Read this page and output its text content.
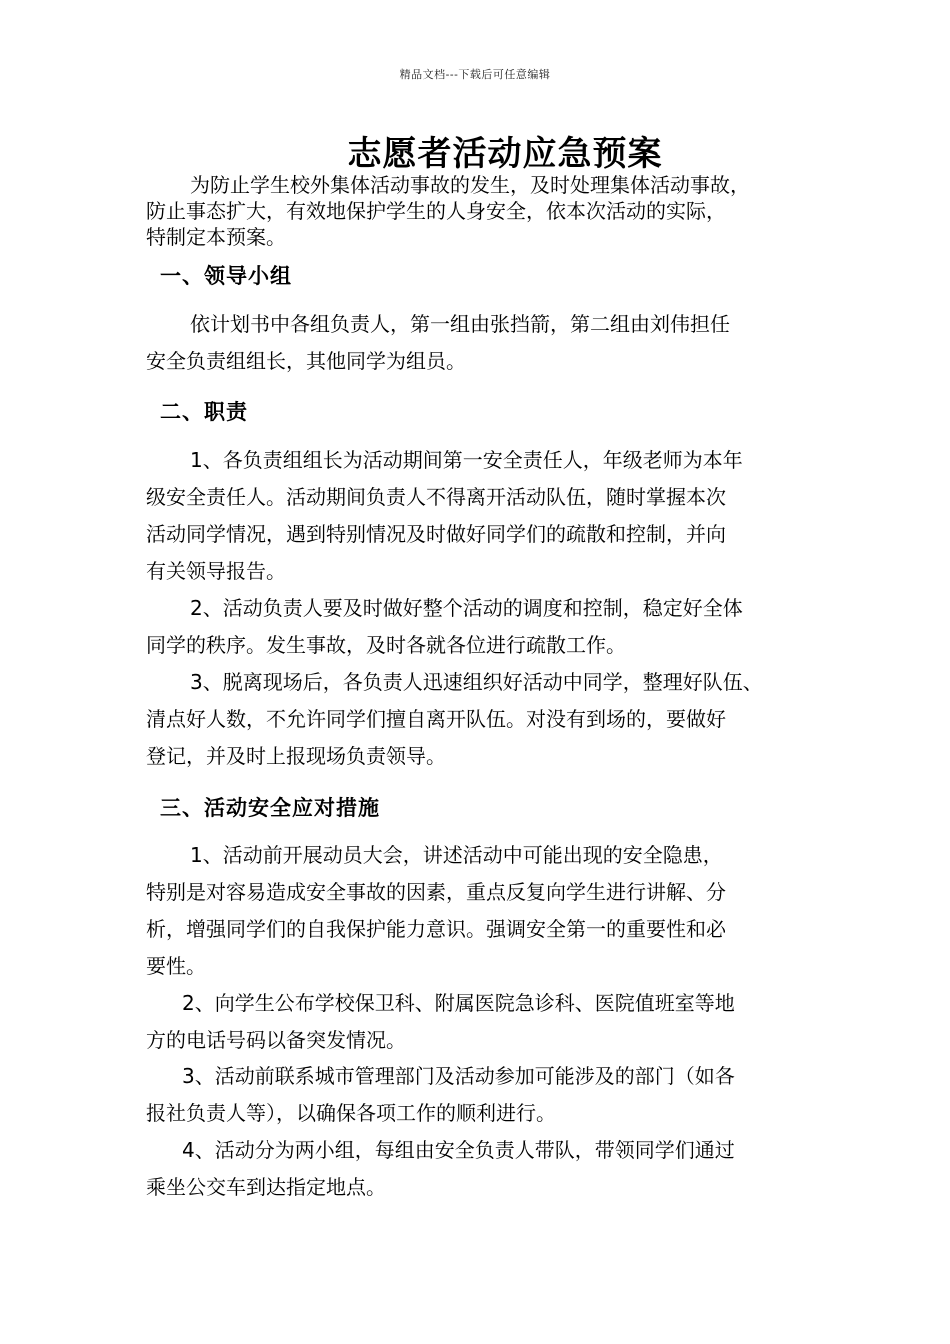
精品文档---下载后可任意编辑
志愿者活动应急预案
为防止学生校外集体活动事故的发生，及时处理集体活动事故，
防止事态扩大，有效地保护学生的人身安全，依本次活动的实际，
特制定本预案。
一、领导小组
依计划书中各组负责人，第一组由张挡箭，第二组由刘伟担任
安全负责组组长，其他同学为组员。
二、职责
1、各负责组组长为活动期间第一安全责任人，年级老师为本年
级安全责任人。活动期间负责人不得离开活动队伍，随时掌握本次
活动同学情况，遇到特别情况及时做好同学们的疏散和控制，并向
有关领导报告。
2、活动负责人要及时做好整个活动的调度和控制，稳定好全体
同学的秩序。发生事故，及时各就各位进行疏散工作。
3、脱离现场后，各负责人迅速组织好活动中同学，整理好队伍、
清点好人数，不允许同学们擅自离开队伍。对没有到场的，要做好
登记，并及时上报现场负责领导。
三、活动安全应对措施
1、活动前开展动员大会，讲述活动中可能出现的安全隐患，
特别是对容易造成安全事故的因素，重点反复向学生进行讲解、分
析，增强同学们的自我保护能力意识。强调安全第一的重要性和必
要性。
2、向学生公布学校保卫科、附属医院急诊科、医院值班室等地
方的电话号码以备突发情况。
3、活动前联系城市管理部门及活动参加可能涉及的部门（如各
报社负责人等），以确保各项工作的顺利进行。
4、活动分为两小组，每组由安全负责人带队，带领同学们通过
乘坐公交车到达指定地点。
